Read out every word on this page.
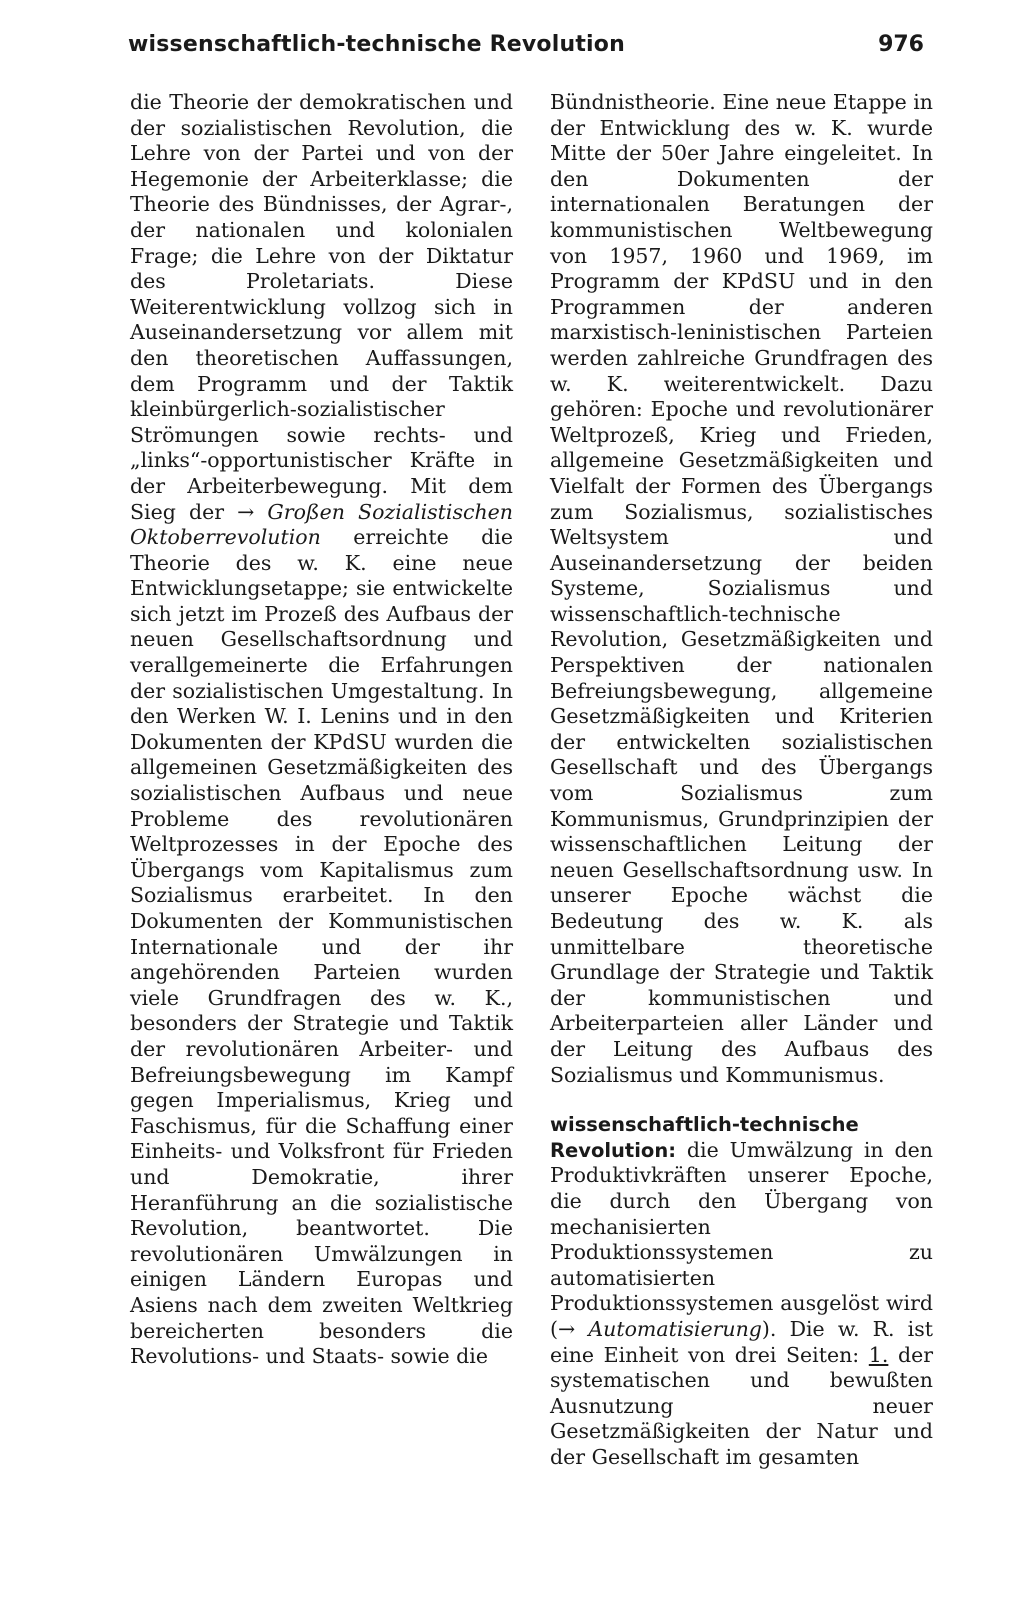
wissenschaftlich-technische Revolution	976

die Theorie der demokratischen und der sozialistischen Revolution, die Lehre von der Partei und von der Hegemonie der Arbeiterklasse; die Theorie des Bündnisses, der Agrar-, der nationalen und kolonialen Frage; die Lehre von der Diktatur des Proletariats. Diese Weiterentwicklung vollzog sich in Auseinandersetzung vor allem mit den theoretischen Auffassungen, dem Programm und der Taktik kleinbürgerlich-sozialistischer Strömungen sowie rechts- und „links“-opportunistischer Kräfte in der Arbeiterbewegung. Mit dem Sieg der → Großen Sozialistischen Oktoberrevolution erreichte die Theorie des w. K. eine neue Entwicklungsetappe; sie entwickelte sich jetzt im Prozeß des Aufbaus der neuen Gesellschaftsordnung und verallgemeinerte die Erfahrungen der sozialistischen Umgestaltung. In den Werken W. I. Lenins und in den Dokumenten der KPdSU wurden die allgemeinen Gesetzmäßigkeiten des sozialistischen Aufbaus und neue Probleme des revolutionären Weltprozesses in der Epoche des Übergangs vom Kapitalismus zum Sozialismus erarbeitet. In den Dokumenten der Kommunistischen Internationale und der ihr angehörenden Parteien wurden viele Grundfragen des w. K., besonders der Strategie und Taktik der revolutionären Arbeiter- und Befreiungsbewegung im Kampf gegen Imperialismus, Krieg und Faschismus, für die Schaffung einer Einheits- und Volksfront für Frieden und Demokratie, ihrer Heranführung an die sozialistische Revolution, beantwortet. Die revolutionären Umwälzungen in einigen Ländern Europas und Asiens nach dem zweiten Weltkrieg bereicherten besonders die Revolutions- und Staats- sowie die

Bündnistheorie. Eine neue Etappe in der Entwicklung des w. K. wurde Mitte der 50er Jahre eingeleitet. In den Dokumenten der internationalen Beratungen der kommunistischen Weltbewegung von 1957, 1960 und 1969, im Programm der KPdSU und in den Programmen der anderen marxistisch-leninistischen Parteien werden zahlreiche Grundfragen des w. K. weiterentwickelt. Dazu gehören: Epoche und revolutionärer Weltprozeß, Krieg und Frieden, allgemeine Gesetzmäßigkeiten und Vielfalt der Formen des Übergangs zum Sozialismus, sozialistisches Weltsystem und Auseinandersetzung der beiden Systeme, Sozialismus und wissenschaftlich-technische Revolution, Gesetzmäßigkeiten und Perspektiven der nationalen Befreiungsbewegung, allgemeine Gesetzmäßigkeiten und Kriterien der entwickelten sozialistischen Gesellschaft und des Übergangs vom Sozialismus zum Kommunismus, Grundprinzipien der wissenschaftlichen Leitung der neuen Gesellschaftsordnung usw. In unserer Epoche wächst die Bedeutung des w. K. als unmittelbare theoretische Grundlage der Strategie und Taktik der kommunistischen und Arbeiterparteien aller Länder und der Leitung des Aufbaus des Sozialismus und Kommunismus.

wissenschaftlich-technische Revolution: die Umwälzung in den Produktivkräften unserer Epoche, die durch den Übergang von mechanisierten Produktionssystemen zu automatisierten Produktionssystemen ausgelöst wird (→ Automatisierung). Die w. R. ist eine Einheit von drei Seiten: 1. der systematischen und bewußten Ausnutzung neuer Gesetzmäßigkeiten der Natur und der Gesellschaft im gesamten
